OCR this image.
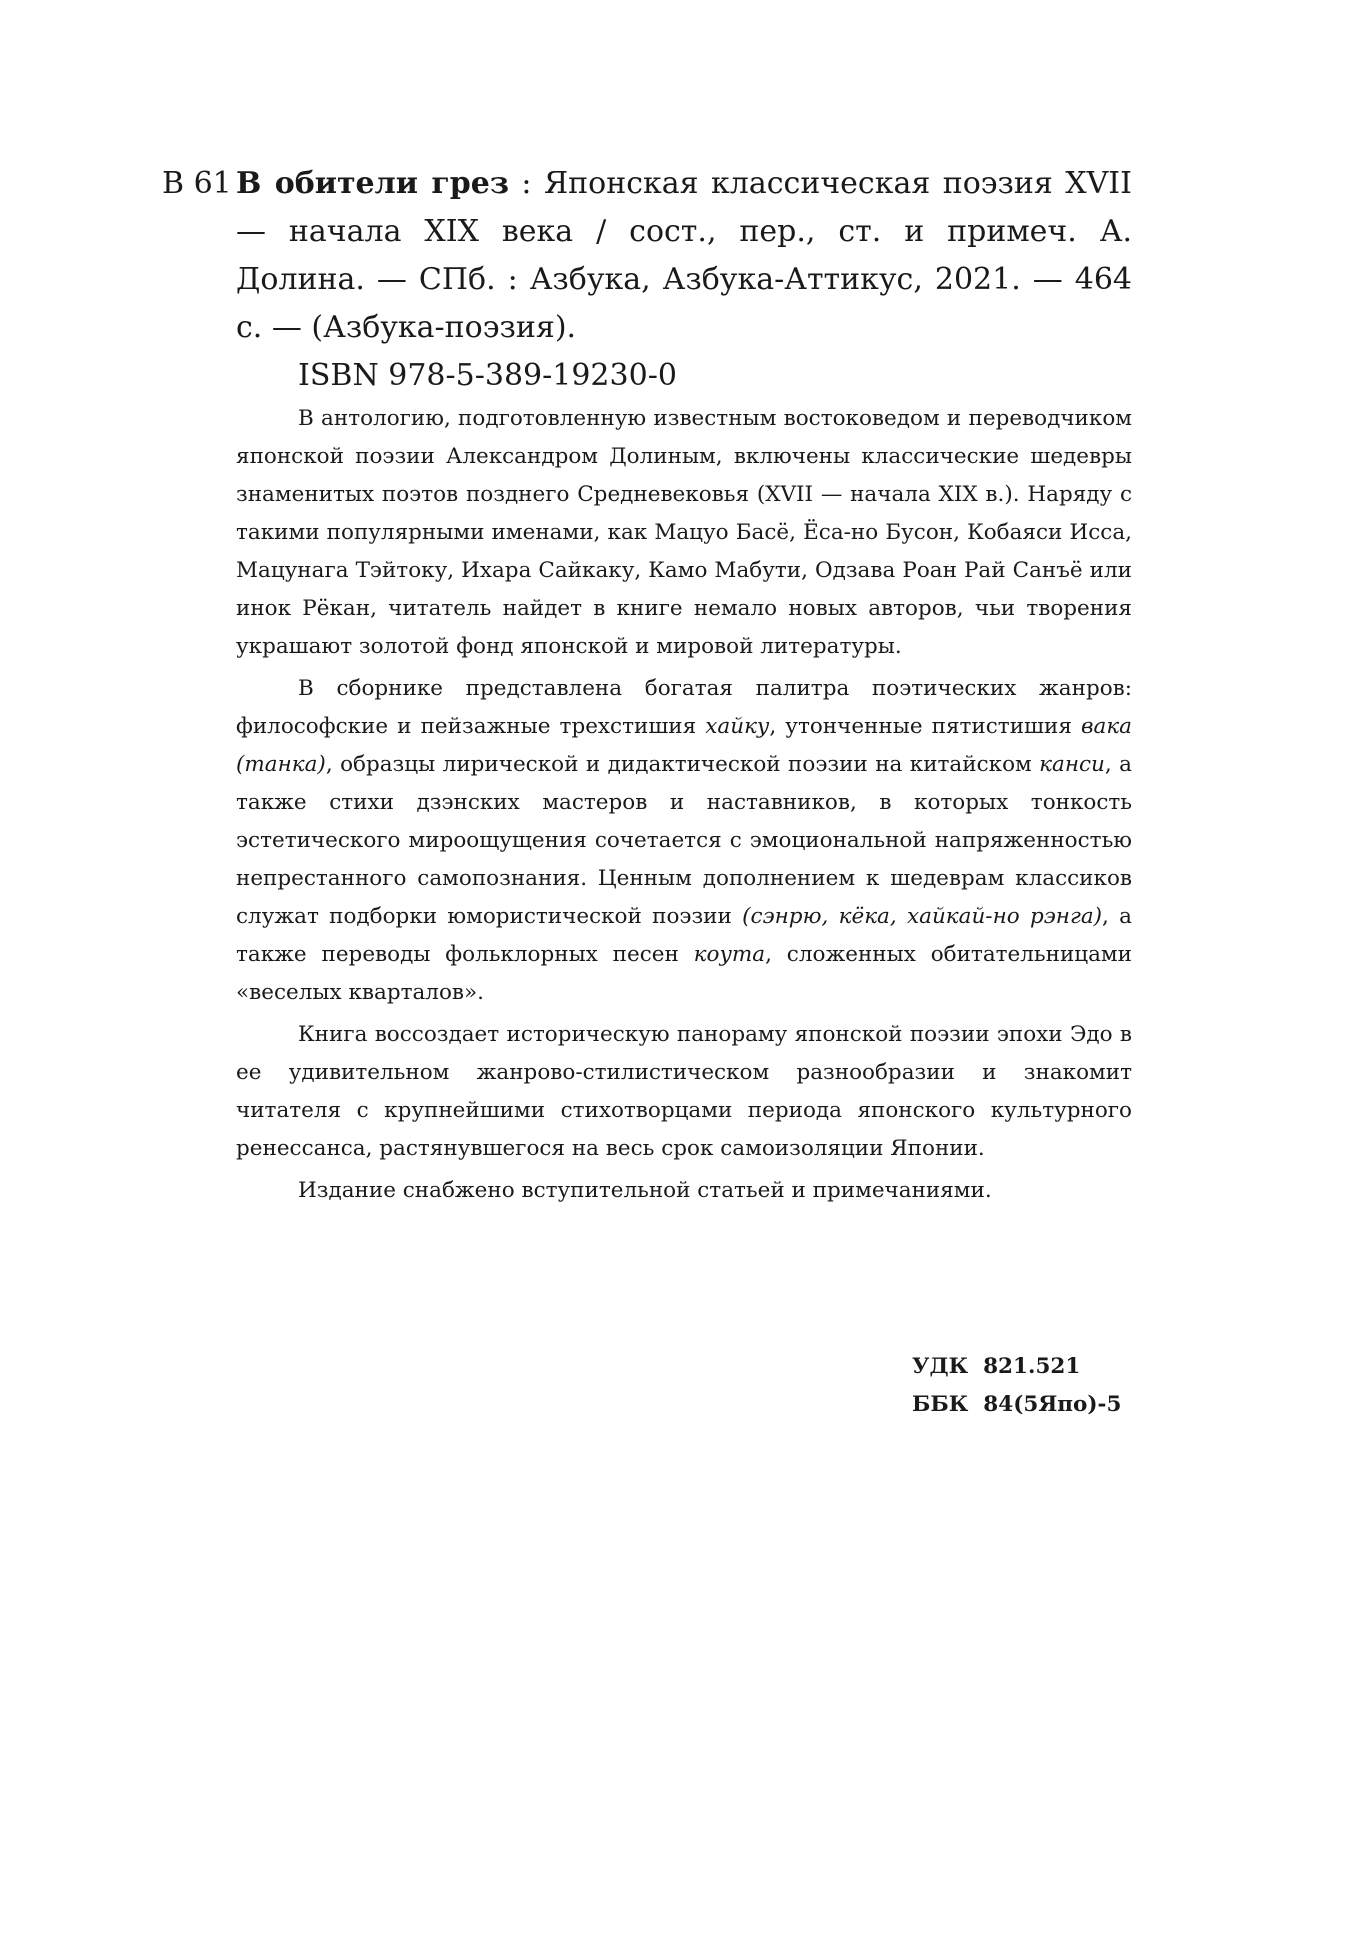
В 61 В обители грез : Японская классическая поэзия XVII — начала XIX века / сост., пер., ст. и примеч. А. Долина. — СПб. : Азбука, Азбука-Аттикус, 2021. — 464 с. — (Азбука-поэзия).
ISBN 978-5-389-19230-0

В антологию, подготовленную известным востоковедом и переводчиком японской поэзии Александром Долиным, включены классические шедевры знаменитых поэтов позднего Средневековья (XVII — начала XIX в.). Наряду с такими популярными именами, как Мацуо Басё, Ёса-но Бусон, Кобаяси Исса, Мацунага Тэйтоку, Ихара Сайкаку, Камо Мабути, Одзава Роан Рай Санъё или инок Рёкан, читатель найдет в книге немало новых авторов, чьи творения украшают золотой фонд японской и мировой литературы.

В сборнике представлена богатая палитра поэтических жанров: философские и пейзажные трехстишия хайку, утонченные пятистишия вака (танка), образцы лирической и дидактической поэзии на китайском канси, а также стихи дзэнских мастеров и наставников, в которых тонкость эстетического мироощущения сочетается с эмоциональной напряженностью непрестанного самопознания. Ценным дополнением к шедеврам классиков служат подборки юмористической поэзии (сэнрю, кёка, хайкай-но рэнга), а также переводы фольклорных песен коута, сложенных обитательницами «веселых кварталов».

Книга воссоздает историческую панораму японской поэзии эпохи Эдо в ее удивительном жанрово-стилистическом разнообразии и знакомит читателя с крупнейшими стихотворцами периода японского культурного ренессанса, растянувшегося на весь срок самоизоляции Японии.

Издание снабжено вступительной статьей и примечаниями.

УДК  821.521
ББК  84(5Япо)-5
